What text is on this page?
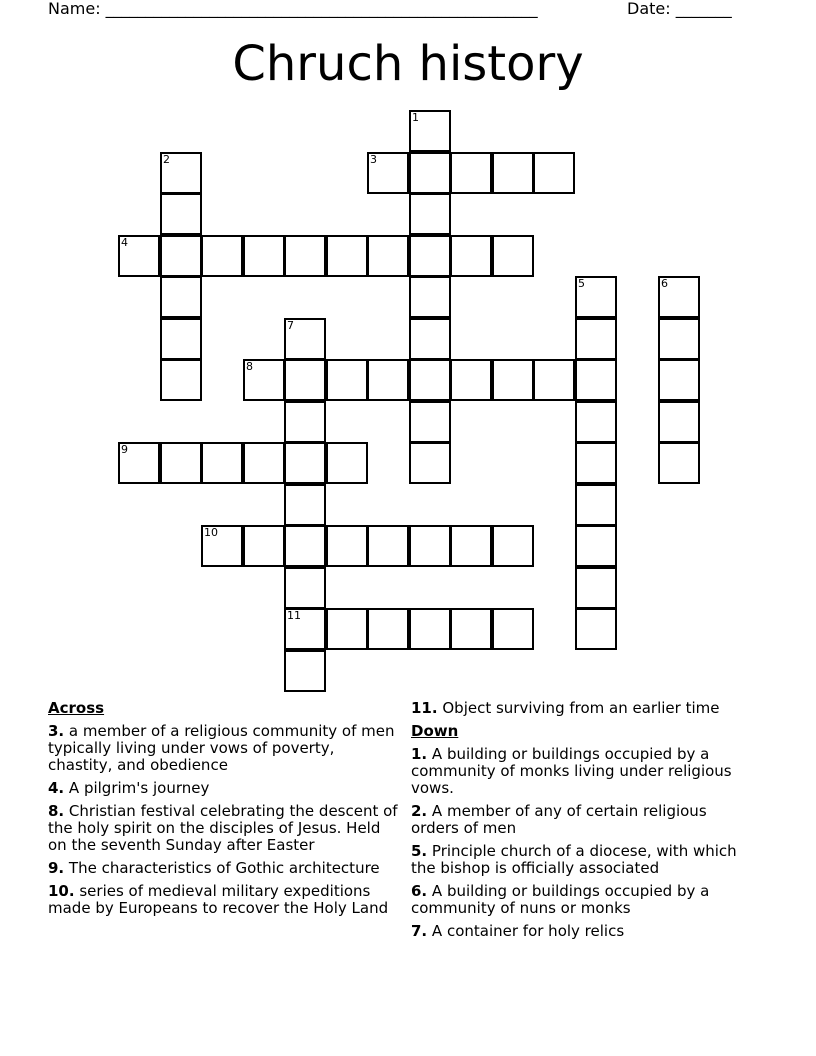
Name: ______________________________________________________	Date: _______
Chruch history
1
2	3
4
5	6
7
11
8
9
10
Across
3. a member of a religious community of men typically living under vows of poverty, chastity, and obedience
4. A pilgrim's journey
8. Christian festival celebrating the descent of the holy spirit on the disciples of Jesus. Held on the seventh Sunday after Easter
9. The characteristics of Gothic architecture
10. series of medieval military expeditions made by Europeans to recover the Holy Land
11. Object surviving from an earlier time
Down
1. A building or buildings occupied by a community of monks living under religious vows.
2. A member of any of certain religious orders of men
5. Principle church of a diocese, with which the bishop is officially associated
6. A building or buildings occupied by a community of nuns or monks
7. A container for holy relics
